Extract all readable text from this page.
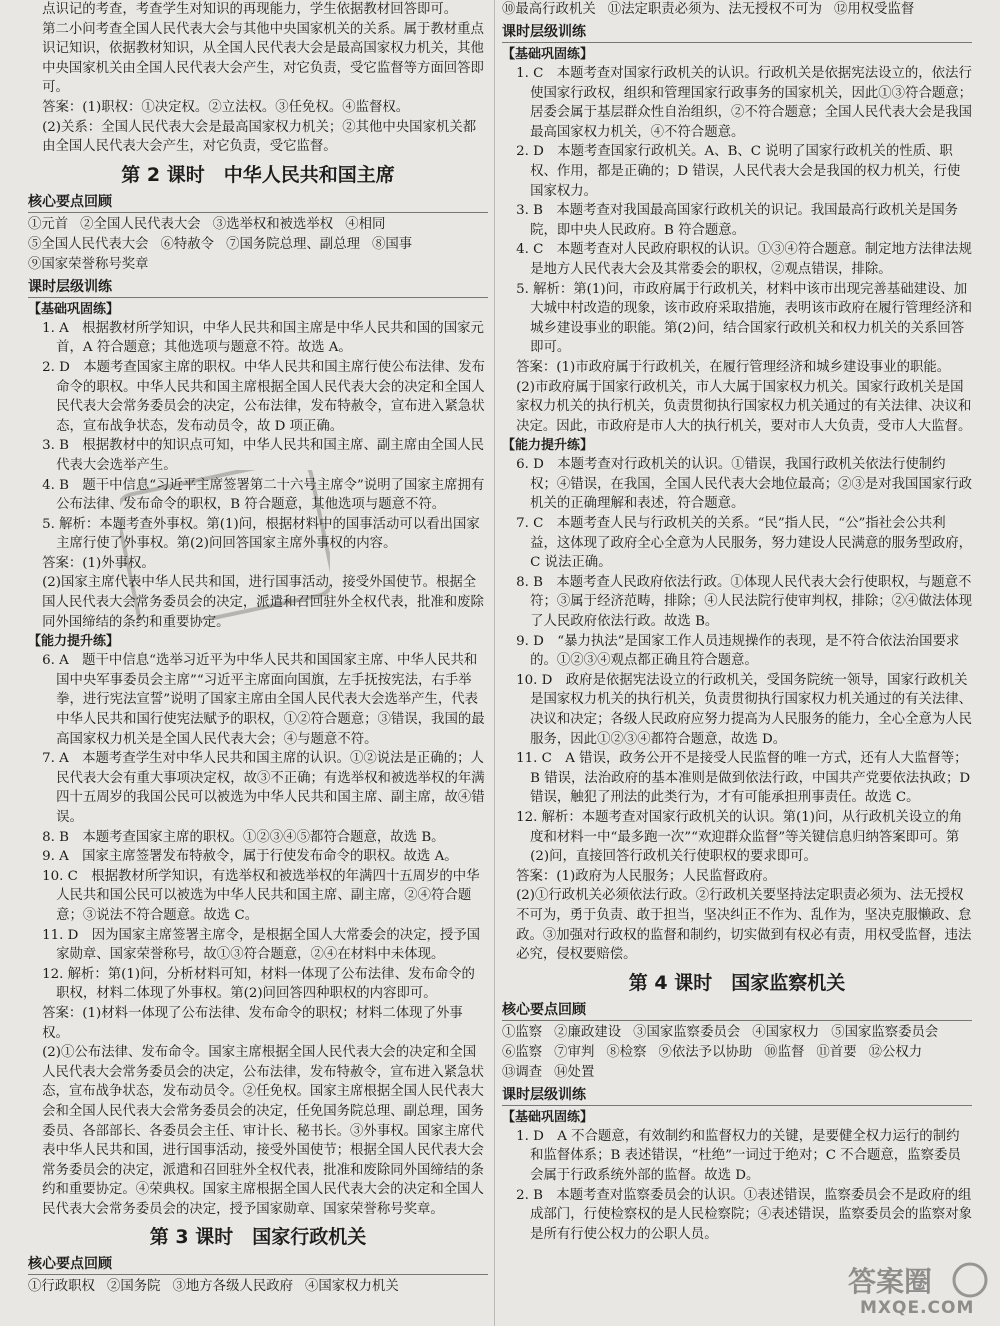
点识记的考查，考查学生对知识的再现能力，学生依据教材回答即可。

第二小问考查全国人民代表大会与其他中央国家机关的关系。属于教材重点识记知识，依据教材知识，从全国人民代表大会是最高国家权力机关，其他中央国家机关由全国人民代表大会产生，对它负责，受它监督等方面回答即可。

答案：(1)职权：①决定权。②立法权。③任免权。④监督权。

(2)关系：全国人民代表大会是最高国家权力机关；②其他中央国家机关都由全国人民代表大会产生，对它负责，受它监督。

第 2 课时　中华人民共和国主席
核心要点回顾
①元首 ②全国人民代表大会 ③选举权和被选举权 ④相同
⑤全国人民代表大会 ⑥特赦令 ⑦国务院总理、副总理 ⑧国事
⑨国家荣誉称号奖章
课时层级训练
【基础巩固练】

1. A　根据教材所学知识，中华人民共和国主席是中华人民共和国的国家元首，A 符合题意；其他选项与题意不符。故选 A。

2. D　本题考查国家主席的职权。中华人民共和国主席行使公布法律、发布命令的职权。中华人民共和国主席根据全国人民代表大会的决定和全国人民代表大会常务委员会的决定，公布法律，发布特赦令，宣布进入紧急状态，宣布战争状态，发布动员令，故 D 项正确。

3. B　根据教材中的知识点可知，中华人民共和国主席、副主席由全国人民代表大会选举产生。

4. B　题干中信息“习近平主席签署第二十六号主席令”说明了国家主席拥有公布法律、发布命令的职权，B 符合题意，其他选项与题意不符。

5. 解析：本题考查外事权。第(1)问，根据材料中的国事活动可以看出国家主席行使了外事权。第(2)问回答国家主席外事权的内容。

答案：(1)外事权。

(2)国家主席代表中华人民共和国，进行国事活动，接受外国使节。根据全国人民代表大会常务委员会的决定，派遣和召回驻外全权代表，批准和废除同外国缔结的条约和重要协定。

【能力提升练】

6. A　题干中信息“选举习近平为中华人民共和国国家主席、中华人民共和国中央军事委员会主席”“习近平主席面向国旗，左手抚按宪法，右手举拳，进行宪法宣誓”说明了国家主席由全国人民代表大会选举产生，代表中华人民共和国行使宪法赋予的职权，①②符合题意；③错误，我国的最高国家权力机关是全国人民代表大会；④与题意不符。

7. A　本题考查学生对中华人民共和国主席的认识。①②说法是正确的；人民代表大会有重大事项决定权，故③不正确；有选举权和被选举权的年满四十五周岁的我国公民可以被选为中华人民共和国主席、副主席，故④错误。

8. B　本题考查国家主席的职权。①②③④⑤都符合题意，故选 B。

9. A　国家主席签署发布特赦令，属于行使发布命令的职权。故选 A。

10. C　根据教材所学知识，有选举权和被选举权的年满四十五周岁的中华人民共和国公民可以被选为中华人民共和国主席、副主席，②④符合题意；③说法不符合题意。故选 C。

11. D　因为国家主席签署主席令，是根据全国人大常委会的决定，授予国家勋章、国家荣誉称号，故①③符合题意，②④在材料中未体现。

12. 解析：第(1)问，分析材料可知，材料一体现了公布法律、发布命令的职权，材料二体现了外事权。第(2)问回答四种职权的内容即可。

答案：(1)材料一体现了公布法律、发布命令的职权；材料二体现了外事权。

(2)①公布法律、发布命令。国家主席根据全国人民代表大会的决定和全国人民代表大会常务委员会的决定，公布法律，发布特赦令，宣布进入紧急状态，宣布战争状态，发布动员令。②任免权。国家主席根据全国人民代表大会和全国人民代表大会常务委员会的决定，任免国务院总理、副总理，国务委员、各部部长、各委员会主任、审计长、秘书长。③外事权。国家主席代表中华人民共和国，进行国事活动，接受外国使节；根据全国人民代表大会常务委员会的决定，派遣和召回驻外全权代表，批准和废除同外国缔结的条约和重要协定。④荣典权。国家主席根据全国人民代表大会的决定和全国人民代表大会常务委员会的决定，授予国家勋章、国家荣誉称号奖章。

第 3 课时　国家行政机关
核心要点回顾
①行政职权 ②国务院 ③地方各级人民政府 ④国家权力机关
⑩最高行政机关 ⑪法定职责必须为、法无授权不可为 ⑫用权受监督
课时层级训练
【基础巩固练】

1. C　本题考查对国家行政机关的认识。行政机关是依据宪法设立的，依法行使国家行政权，组织和管理国家行政事务的国家机关，因此①③符合题意；居委会属于基层群众性自治组织，②不符合题意；全国人民代表大会是我国最高国家权力机关，④不符合题意。

2. D　本题考查国家行政机关。A、B、C 说明了国家行政机关的性质、职权、作用，都是正确的；D 错误，人民代表大会是我国的权力机关，行使国家权力。

3. B　本题考查对我国最高国家行政机关的识记。我国最高行政机关是国务院，即中央人民政府。B 符合题意。

4. C　本题考查对人民政府职权的认识。①③④符合题意。制定地方法律法规是地方人民代表大会及其常委会的职权，②观点错误，排除。

5. 解析：第(1)问，市政府属于行政机关，材料中该市出现完善基础建设、加大城中村改造的现象，该市政府采取措施，表明该市政府在履行管理经济和城乡建设事业的职能。第(2)问，结合国家行政机关和权力机关的关系回答即可。

答案：(1)市政府属于行政机关，在履行管理经济和城乡建设事业的职能。

(2)市政府属于国家行政机关，市人大属于国家权力机关。国家行政机关是国家权力机关的执行机关，负责贯彻执行国家权力机关通过的有关法律、决议和决定。因此，市政府是市人大的执行机关，要对市人大负责，受市人大监督。

【能力提升练】

6. D　本题考查对行政机关的认识。①错误，我国行政机关依法行使制约权；④错误，在我国，全国人民代表大会地位最高；②③是对我国国家行政机关的正确理解和表述，符合题意。

7. C　本题考查人民与行政机关的关系。“民”指人民，“公”指社会公共利益，这体现了政府全心全意为人民服务，努力建设人民满意的服务型政府，C 说法正确。

8. B　本题考查人民政府依法行政。①体现人民代表大会行使职权，与题意不符；③属于经济范畴，排除；④人民法院行使审判权，排除；②④做法体现了人民政府依法行政。故选 B。

9. D　“暴力执法”是国家工作人员违规操作的表现，是不符合依法治国要求的。①②③④观点都正确且符合题意。

10. D　政府是依据宪法设立的行政机关，受国务院统一领导，国家行政机关是国家权力机关的执行机关，负责贯彻执行国家权力机关通过的有关法律、决议和决定；各级人民政府应努力提高为人民服务的能力，全心全意为人民服务，因此①②③④都符合题意，故选 D。

11. C　A 错误，政务公开不是接受人民监督的唯一方式，还有人大监督等；B 错误，法治政府的基本准则是做到依法行政，中国共产党要依法执政；D 错误，触犯了刑法的此类行为，才有可能承担刑事责任。故选 C。

12. 解析：本题考查对国家行政机关的认识。第(1)问，从行政机关设立的角度和材料一中“最多跑一次”“欢迎群众监督”等关键信息归纳答案即可。第(2)问，直接回答行政机关行使职权的要求即可。

答案：(1)政府为人民服务；人民监督政府。

(2)①行政机关必须依法行政。②行政机关要坚持法定职责必须为、法无授权不可为，勇于负责、敢于担当，坚决纠正不作为、乱作为，坚决克服懒政、怠政。③加强对行政权的监督和制约，切实做到有权必有责，用权受监督，违法必究，侵权要赔偿。

第 4 课时　国家监察机关
核心要点回顾
①监察 ②廉政建设 ③国家监察委员会 ④国家权力 ⑤国家监察委员会
⑥监察 ⑦审判 ⑧检察 ⑨依法予以协助 ⑩监督 ⑪首要 ⑫公权力
⑬调查 ⑭处置
课时层级训练
【基础巩固练】

1. D　A 不合题意，有效制约和监督权力的关键，是要健全权力运行的制约和监督体系；B 表述错误，“杜绝”一词过于绝对；C 不合题意，监察委员会属于行政系统外部的监督。故选 D。

2. B　本题考查对监察委员会的认识。①表述错误，监察委员会不是政府的组成部门，行使检察权的是人民检察院；④表述错误，监察委员会的监察对象是所有行使公权力的公职人员。

答案圈
MXQE.COM
